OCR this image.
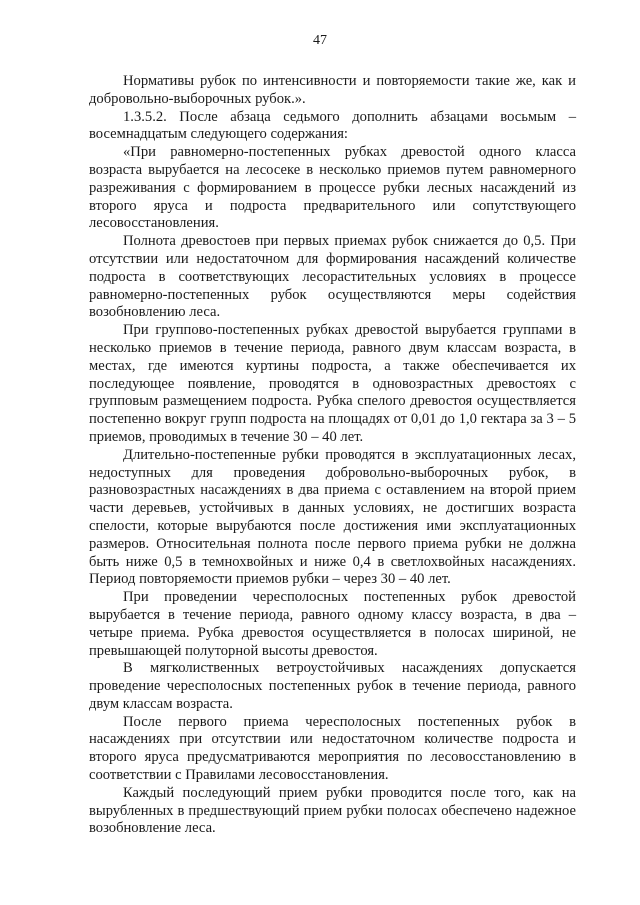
47

Нормативы рубок по интенсивности и повторяемости такие же, как и добровольно-выборочных рубок.».

1.3.5.2. После абзаца седьмого дополнить абзацами восьмым – восемнадцатым следующего содержания:

«При равномерно-постепенных рубках древостой одного класса возраста вырубается на лесосеке в несколько приемов путем равномерного разреживания с формированием в процессе рубки лесных насаждений из второго яруса и подроста предварительного или сопутствующего лесовосстановления.

Полнота древостоев при первых приемах рубок снижается до 0,5. При отсутствии или недостаточном для формирования насаждений количестве подроста в соответствующих лесорастительных условиях в процессе равномерно-постепенных рубок осуществляются меры содействия возобновлению леса.

При группово-постепенных рубках древостой вырубается группами в несколько приемов в течение периода, равного двум классам возраста, в местах, где имеются куртины подроста, а также обеспечивается их последующее появление, проводятся в одновозрастных древостоях с групповым размещением подроста. Рубка спелого древостоя осуществляется постепенно вокруг групп подроста на площадях от 0,01 до 1,0 гектара за 3 – 5 приемов, проводимых в течение 30 – 40 лет.

Длительно-постепенные рубки проводятся в эксплуатационных лесах, недоступных для проведения добровольно-выборочных рубок, в разновозрастных насаждениях в два приема с оставлением на второй прием части деревьев, устойчивых в данных условиях, не достигших возраста спелости, которые вырубаются после достижения ими эксплуатационных размеров. Относительная полнота после первого приема рубки не должна быть ниже 0,5 в темнохвойных и ниже 0,4 в светлохвойных насаждениях. Период повторяемости приемов рубки – через 30 – 40 лет.

При проведении чересполосных постепенных рубок древостой вырубается в течение периода, равного одному классу возраста, в два – четыре приема. Рубка древостоя осуществляется в полосах шириной, не превышающей полуторной высоты древостоя.

В мягколиственных ветроустойчивых насаждениях допускается проведение чересполосных постепенных рубок в течение периода, равного двум классам возраста.

После первого приема чересполосных постепенных рубок в насаждениях при отсутствии или недостаточном количестве подроста и второго яруса предусматриваются мероприятия по лесовосстановлению в соответствии с Правилами лесовосстановления.

Каждый последующий прием рубки проводится после того, как на вырубленных в предшествующий прием рубки полосах обеспечено надежное возобновление леса.
